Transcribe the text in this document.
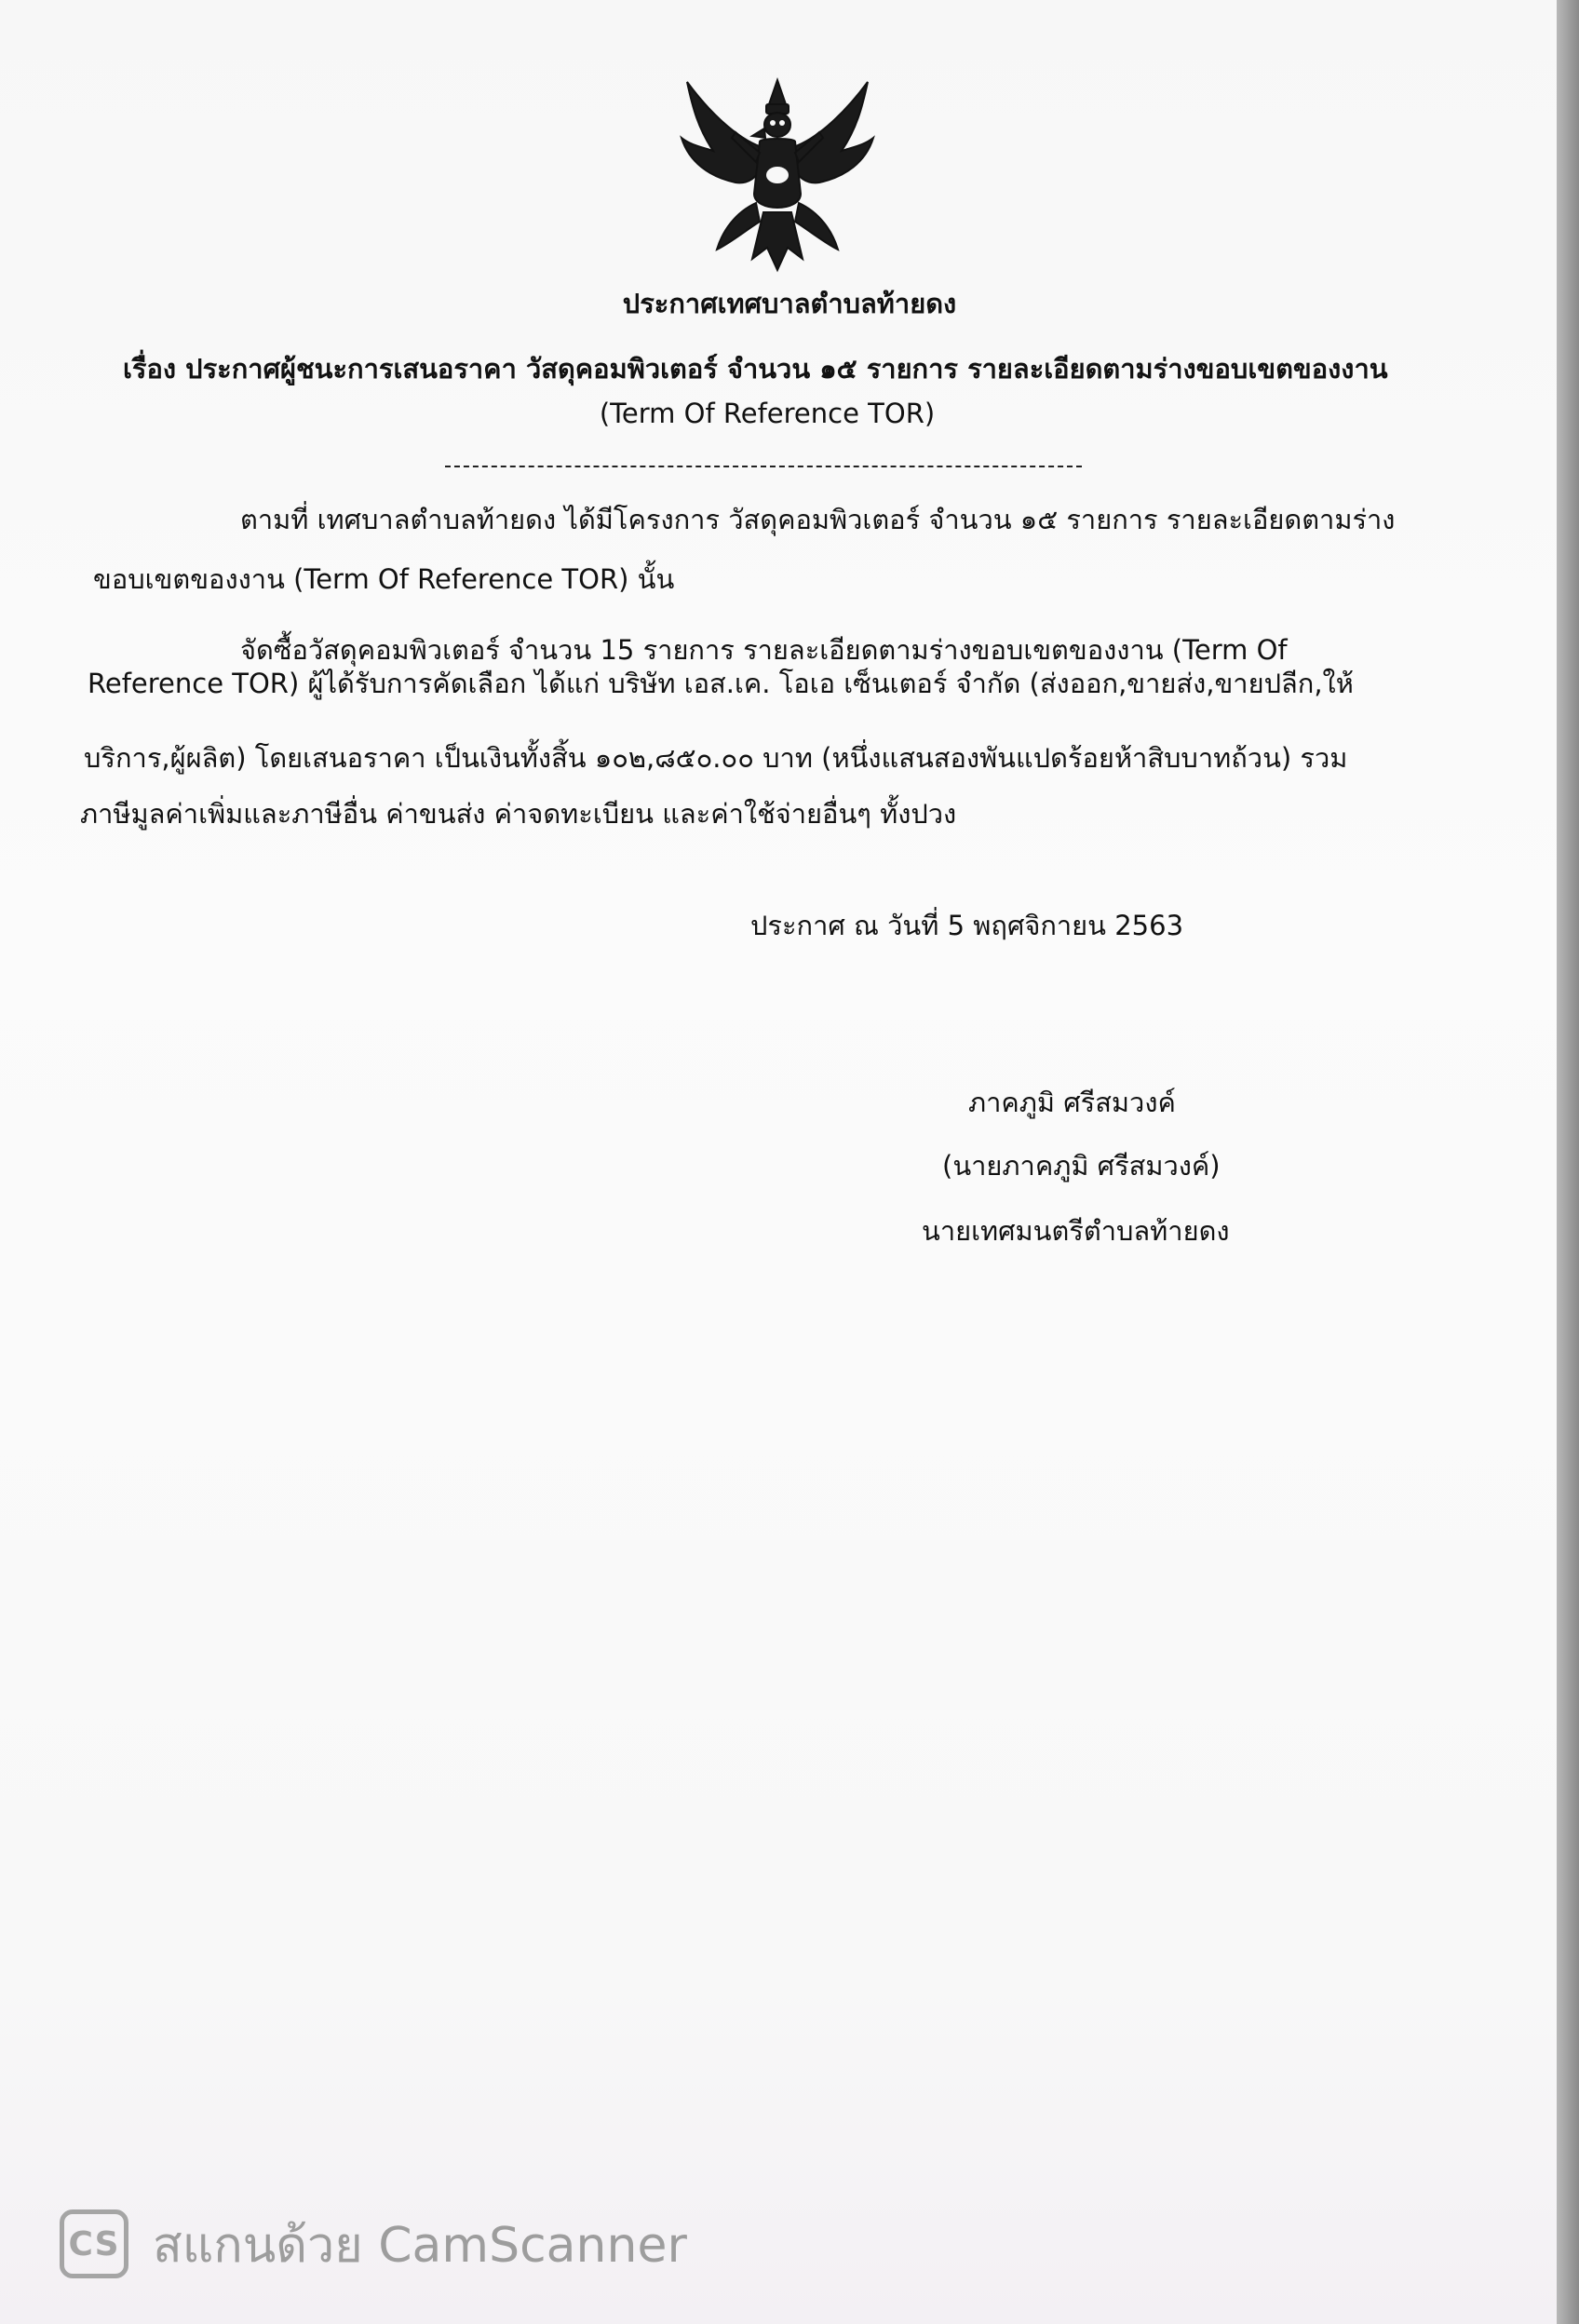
ประกาศเทศบาลตำบลท้ายดง
เรื่อง ประกาศผู้ชนะการเสนอราคา วัสดุคอมพิวเตอร์ จำนวน ๑๕ รายการ รายละเอียดตามร่างขอบเขตของงาน
(Term Of Reference TOR)
ตามที่ เทศบาลตำบลท้ายดง ได้มีโครงการ วัสดุคอมพิวเตอร์ จำนวน ๑๕ รายการ รายละเอียดตามร่าง
ขอบเขตของงาน (Term Of Reference TOR) นั้น
จัดซื้อวัสดุคอมพิวเตอร์ จำนวน 15 รายการ รายละเอียดตามร่างขอบเขตของงาน (Term Of
Reference TOR) ผู้ได้รับการคัดเลือก ได้แก่ บริษัท เอส.เค. โอเอ เซ็นเตอร์ จำกัด (ส่งออก,ขายส่ง,ขายปลีก,ให้
บริการ,ผู้ผลิต) โดยเสนอราคา เป็นเงินทั้งสิ้น ๑๐๒,๘๕๐.๐๐ บาท (หนึ่งแสนสองพันแปดร้อยห้าสิบบาทถ้วน) รวม
ภาษีมูลค่าเพิ่มและภาษีอื่น ค่าขนส่ง ค่าจดทะเบียน และค่าใช้จ่ายอื่นๆ ทั้งปวง
ประกาศ ณ วันที่ 5 พฤศจิกายน 2563
ภาคภูมิ ศรีสมวงค์
(นายภาคภูมิ ศรีสมวงค์)
นายเทศมนตรีตำบลท้ายดง
CS สแกนด้วย CamScanner
